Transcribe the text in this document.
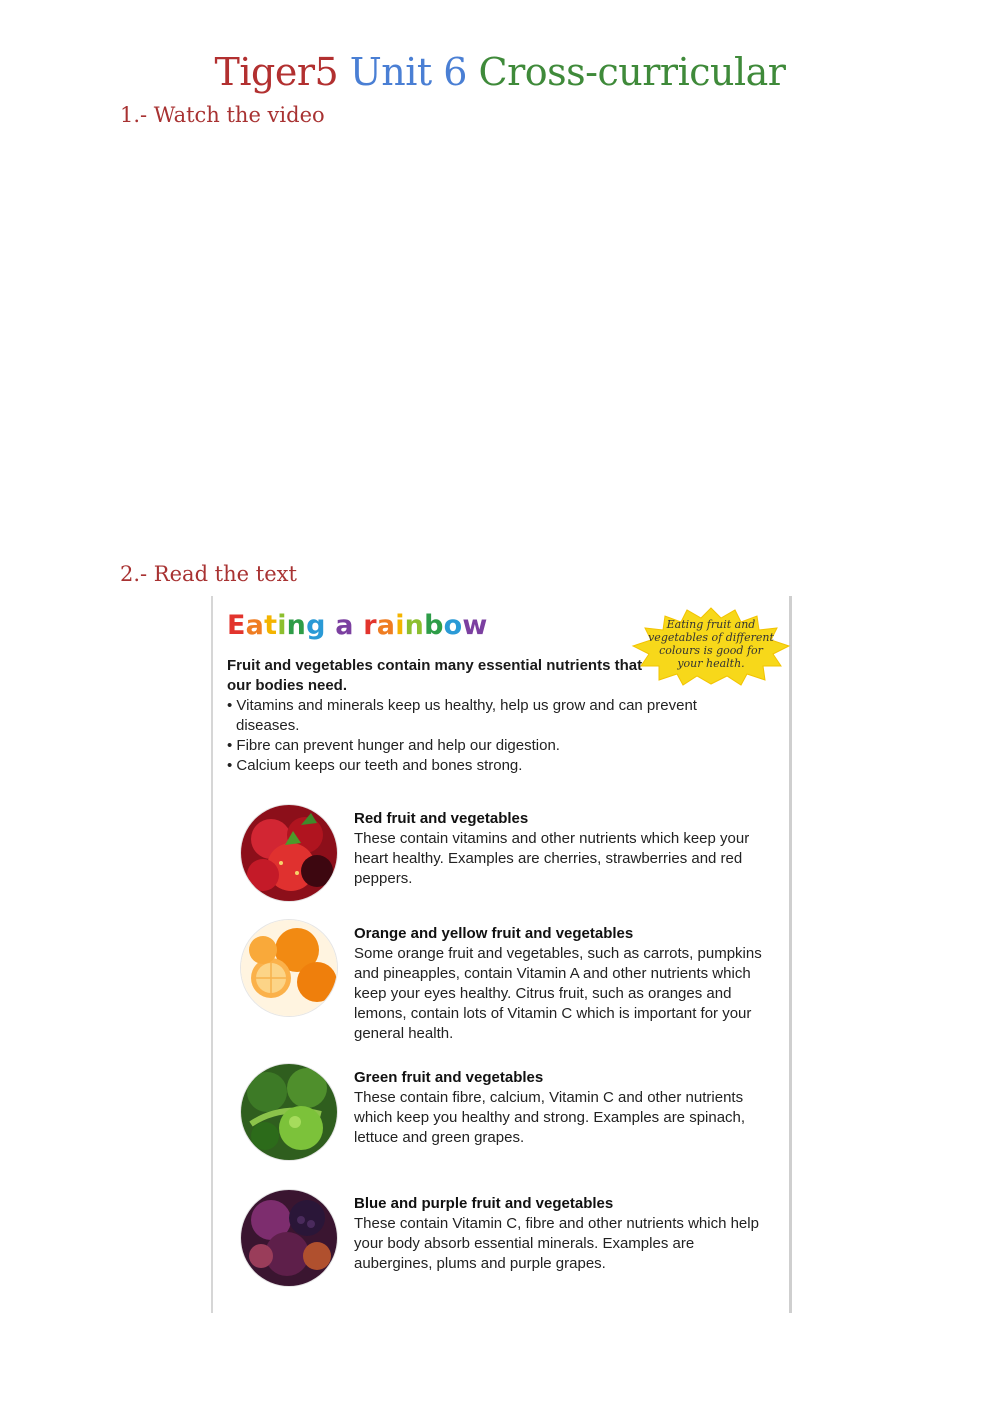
Tiger5 Unit 6 Cross-curricular
1.- Watch the video
2.- Read the text
Eating a rainbow	Eating fruit and vegetables of different colours is good for your health.
Fruit and vegetables contain many essential nutrients that our bodies need.
• Vitamins and minerals keep us healthy, help us grow and can prevent diseases.
• Fibre can prevent hunger and help our digestion.
• Calcium keeps our teeth and bones strong.
Red fruit and vegetables
These contain vitamins and other nutrients which keep your heart healthy. Examples are cherries, strawberries and red peppers.
Orange and yellow fruit and vegetables
Some orange fruit and vegetables, such as carrots, pumpkins and pineapples, contain Vitamin A and other nutrients which keep your eyes healthy. Citrus fruit, such as oranges and lemons, contain lots of Vitamin C which is important for your general health.
Green fruit and vegetables
These contain fibre, calcium, Vitamin C and other nutrients which keep you healthy and strong. Examples are spinach, lettuce and green grapes.
Blue and purple fruit and vegetables
These contain Vitamin C, fibre and other nutrients which help your body absorb essential minerals. Examples are aubergines, plums and purple grapes.
